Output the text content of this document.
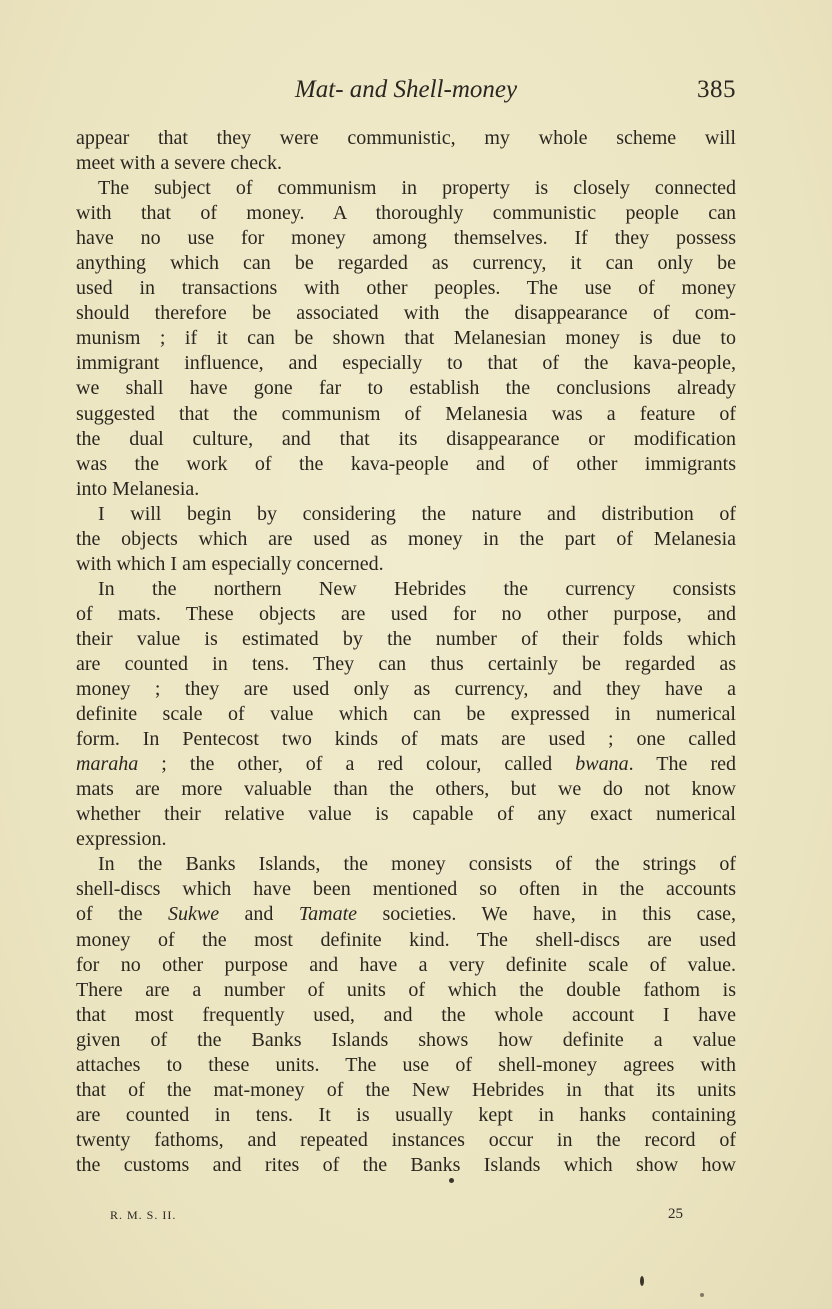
Mat- and Shell-money	385
appear that they were communistic, my whole scheme will
meet with a severe check.
The subject of communism in property is closely connected
with that of money. A thoroughly communistic people can
have no use for money among themselves. If they possess
anything which can be regarded as currency, it can only be
used in transactions with other peoples. The use of money
should therefore be associated with the disappearance of com-
munism ; if it can be shown that Melanesian money is due to
immigrant influence, and especially to that of the kava-people,
we shall have gone far to establish the conclusions already
suggested that the communism of Melanesia was a feature of
the dual culture, and that its disappearance or modification
was the work of the kava-people and of other immigrants
into Melanesia.
I will begin by considering the nature and distribution of
the objects which are used as money in the part of Melanesia
with which I am especially concerned.
In the northern New Hebrides the currency consists
of mats. These objects are used for no other purpose, and
their value is estimated by the number of their folds which
are counted in tens. They can thus certainly be regarded as
money ; they are used only as currency, and they have a
definite scale of value which can be expressed in numerical
form. In Pentecost two kinds of mats are used ; one called
maraha ; the other, of a red colour, called bwana. The red
mats are more valuable than the others, but we do not know
whether their relative value is capable of any exact numerical
expression.
In the Banks Islands, the money consists of the strings of
shell-discs which have been mentioned so often in the accounts
of the Sukwe and Tamate societies. We have, in this case,
money of the most definite kind. The shell-discs are used
for no other purpose and have a very definite scale of value.
There are a number of units of which the double fathom is
that most frequently used, and the whole account I have
given of the Banks Islands shows how definite a value
attaches to these units. The use of shell-money agrees with
that of the mat-money of the New Hebrides in that its units
are counted in tens. It is usually kept in hanks containing
twenty fathoms, and repeated instances occur in the record of
the customs and rites of the Banks Islands which show how
R. M. S. II.	25
